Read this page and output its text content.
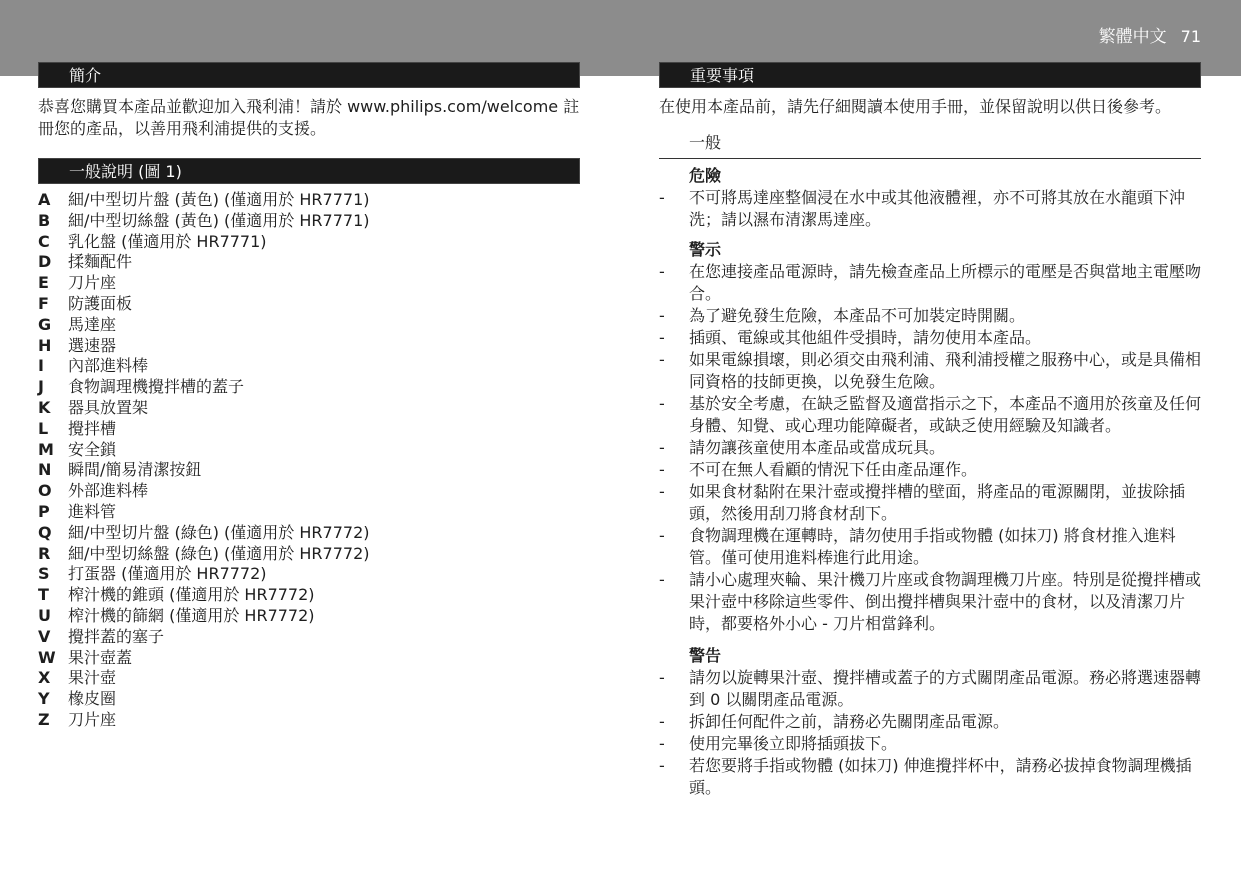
繁體中文 71
簡介

恭喜您購買本產品並歡迎加入飛利浦！請於 www.philips.com/welcome 註冊您的產品，以善用飛利浦提供的支援。

一般說明 (圖 1)
A	細/中型切片盤 (黃色) (僅適用於 HR7771)
B	細/中型切絲盤 (黃色) (僅適用於 HR7771)
C	乳化盤 (僅適用於 HR7771)
D	揉麵配件
E	刀片座
F	防護面板
G	馬達座
H	選速器
I	內部進料棒
J	食物調理機攪拌槽的蓋子
K	器具放置架
L	攪拌槽
M 安全鎖
N	瞬間/簡易清潔按鈕
O	外部進料棒
P	進料管
Q	細/中型切片盤 (綠色) (僅適用於 HR7772)
R	細/中型切絲盤 (綠色) (僅適用於 HR7772)
S	打蛋器 (僅適用於 HR7772)
T	榨汁機的錐頭 (僅適用於 HR7772)
U	榨汁機的篩網 (僅適用於 HR7772)
V	攪拌蓋的塞子
W 果汁壺蓋
X	果汁壺
Y	橡皮圈
Z	刀片座
重要事項

在使用本產品前，請先仔細閱讀本使用手冊，並保留說明以供日後參考。

一般
危險
-	不可將馬達座整個浸在水中或其他液體裡，亦不可將其放在水龍頭下沖洗；請以濕布清潔馬達座。
警示
-	在您連接產品電源時，請先檢查產品上所標示的電壓是否與當地主電壓吻合。
-	為了避免發生危險，本產品不可加裝定時開關。
-	插頭、電線或其他組件受損時，請勿使用本產品。
-	如果電線損壞，則必須交由飛利浦、飛利浦授權之服務中心，或是具備相同資格的技師更換，以免發生危險。
-	基於安全考慮，在缺乏監督及適當指示之下，本產品不適用於孩童及任何身體、知覺、或心理功能障礙者，或缺乏使用經驗及知識者。
-	請勿讓孩童使用本產品或當成玩具。
-	不可在無人看顧的情況下任由產品運作。
-	如果食材黏附在果汁壺或攪拌槽的壁面，將產品的電源關閉，並拔除插頭，然後用刮刀將食材刮下。
-	食物調理機在運轉時，請勿使用手指或物體 (如抹刀) 將食材推入進料管。僅可使用進料棒進行此用途。
-	請小心處理夾輪、果汁機刀片座或食物調理機刀片座。特別是從攪拌槽或果汁壺中移除這些零件、倒出攪拌槽與果汁壺中的食材，以及清潔刀片時，都要格外小心 - 刀片相當鋒利。
警告
-	請勿以旋轉果汁壺、攪拌槽或蓋子的方式關閉產品電源。務必將選速器轉到 0 以關閉產品電源。
-	拆卸任何配件之前，請務必先關閉產品電源。
-	使用完畢後立即將插頭拔下。
-	若您要將手指或物體 (如抹刀) 伸進攪拌杯中，請務必拔掉食物調理機插頭。
